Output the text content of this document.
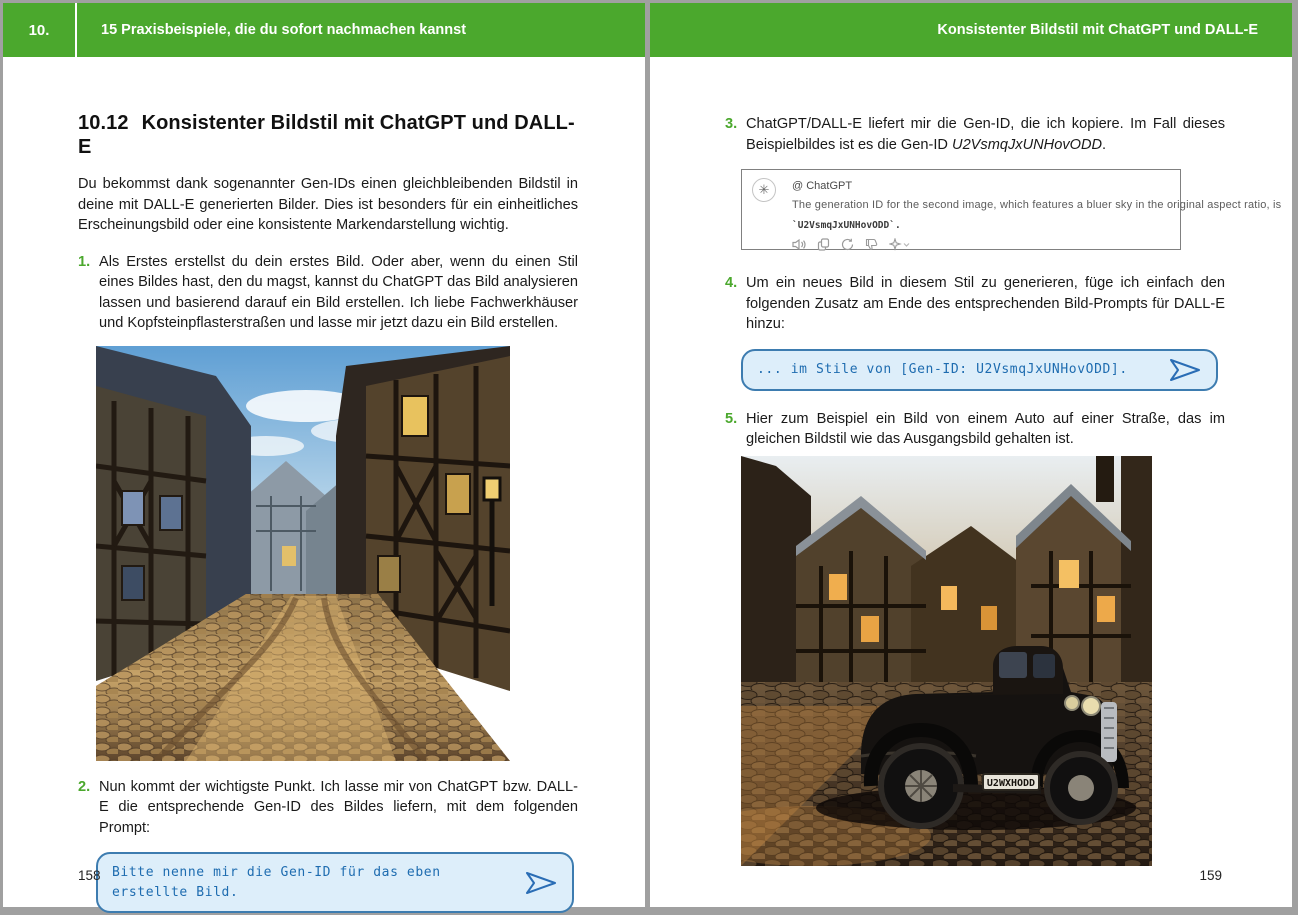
10.	15 Praxisbeispiele, die du sofort nachmachen kannst
10.12 Konsistenter Bildstil mit ChatGPT und DALL-E

Du bekommst dank sogenannter Gen-IDs einen gleichbleibenden Bildstil in deine mit DALL-E generierten Bilder. Dies ist besonders für ein einheitliches Erscheinungsbild oder eine konsistente Markendarstellung wichtig.

1. Als Erstes erstellst du dein erstes Bild. Oder aber, wenn du einen Stil eines Bildes hast, den du magst, kannst du ChatGPT das Bild analysieren lassen und basierend darauf ein Bild erstellen. Ich liebe Fachwerkhäuser und Kopfsteinpflasterstraßen und lasse mir jetzt dazu ein Bild erstellen.
2. Nun kommt der wichtigste Punkt. Ich lasse mir von ChatGPT bzw. DALL-E die entsprechende Gen-ID des Bildes liefern, mit dem folgenden Prompt:
Bitte nenne mir die Gen-ID für das eben erstellte Bild.
158
Konsistenter Bildstil mit ChatGPT und DALL-E
3. ChatGPT/DALL-E liefert mir die Gen-ID, die ich kopiere. Im Fall dieses Beispielbildes ist es die Gen-ID U2VsmqJxUNHovODD.
✳	@ ChatGPT
The generation ID for the second image, which features a bluer sky in the original aspect ratio, is
`U2VsmqJxUNHovODD`.
4. Um ein neues Bild in diesem Stil zu generieren, füge ich einfach den folgenden Zusatz am Ende des entsprechenden Bild-Prompts für DALL-E hinzu:
... im Stile von [Gen-ID: U2VsmqJxUNHovODD].
5. Hier zum Beispiel ein Bild von einem Auto auf einer Straße, das im gleichen Bildstil wie das Ausgangsbild gehalten ist.
U2WXHODD
159
